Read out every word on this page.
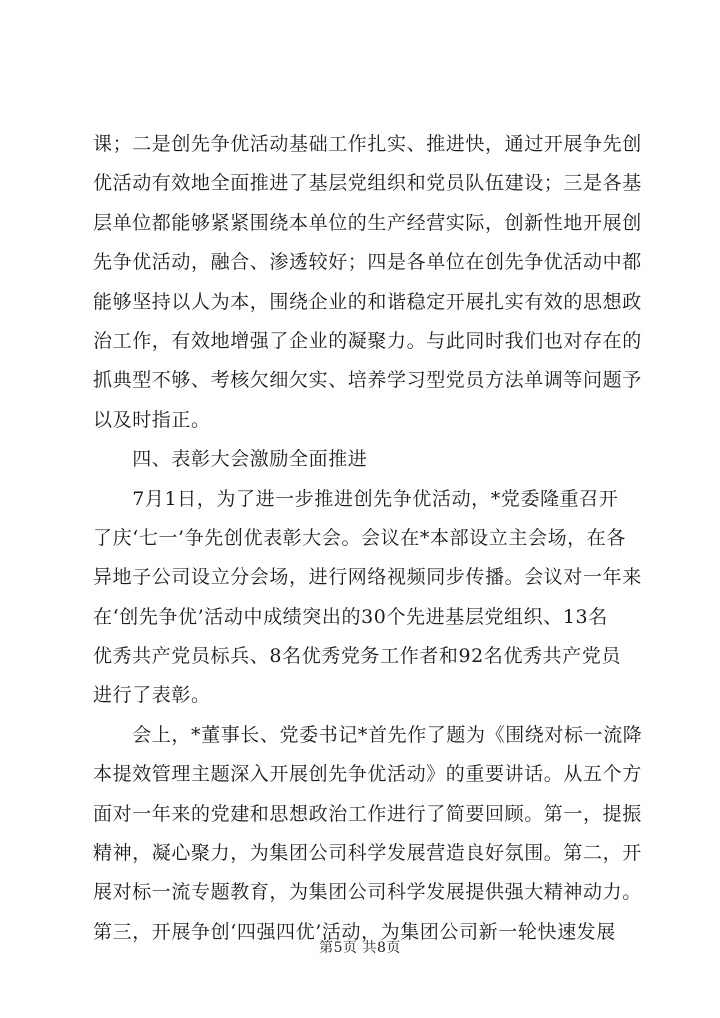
课；二是创先争优活动基础工作扎实、推进快，通过开展争先创
优活动有效地全面推进了基层党组织和党员队伍建设；三是各基
层单位都能够紧紧围绕本单位的生产经营实际，创新性地开展创
先争优活动，融合、渗透较好；四是各单位在创先争优活动中都
能够坚持以人为本，围绕企业的和谐稳定开展扎实有效的思想政
治工作，有效地增强了企业的凝聚力。与此同时我们也对存在的
抓典型不够、考核欠细欠实、培养学习型党员方法单调等问题予
以及时指正。
　　四、表彰大会激励全面推进
　　7月1日，为了进一步推进创先争优活动，*党委隆重召开
了庆‘七一’争先创优表彰大会。会议在*本部设立主会场，在各
异地子公司设立分会场，进行网络视频同步传播。会议对一年来
在‘创先争优’活动中成绩突出的30个先进基层党组织、13名
优秀共产党员标兵、8名优秀党务工作者和92名优秀共产党员
进行了表彰。
　　会上，*董事长、党委书记*首先作了题为《围绕对标一流降
本提效管理主题深入开展创先争优活动》的重要讲话。从五个方
面对一年来的党建和思想政治工作进行了简要回顾。第一，提振
精神，凝心聚力，为集团公司科学发展营造良好氛围。第二，开
展对标一流专题教育，为集团公司科学发展提供强大精神动力。
第三，开展争创‘四强四优’活动，为集团公司新一轮快速发展
第5页 共8页
